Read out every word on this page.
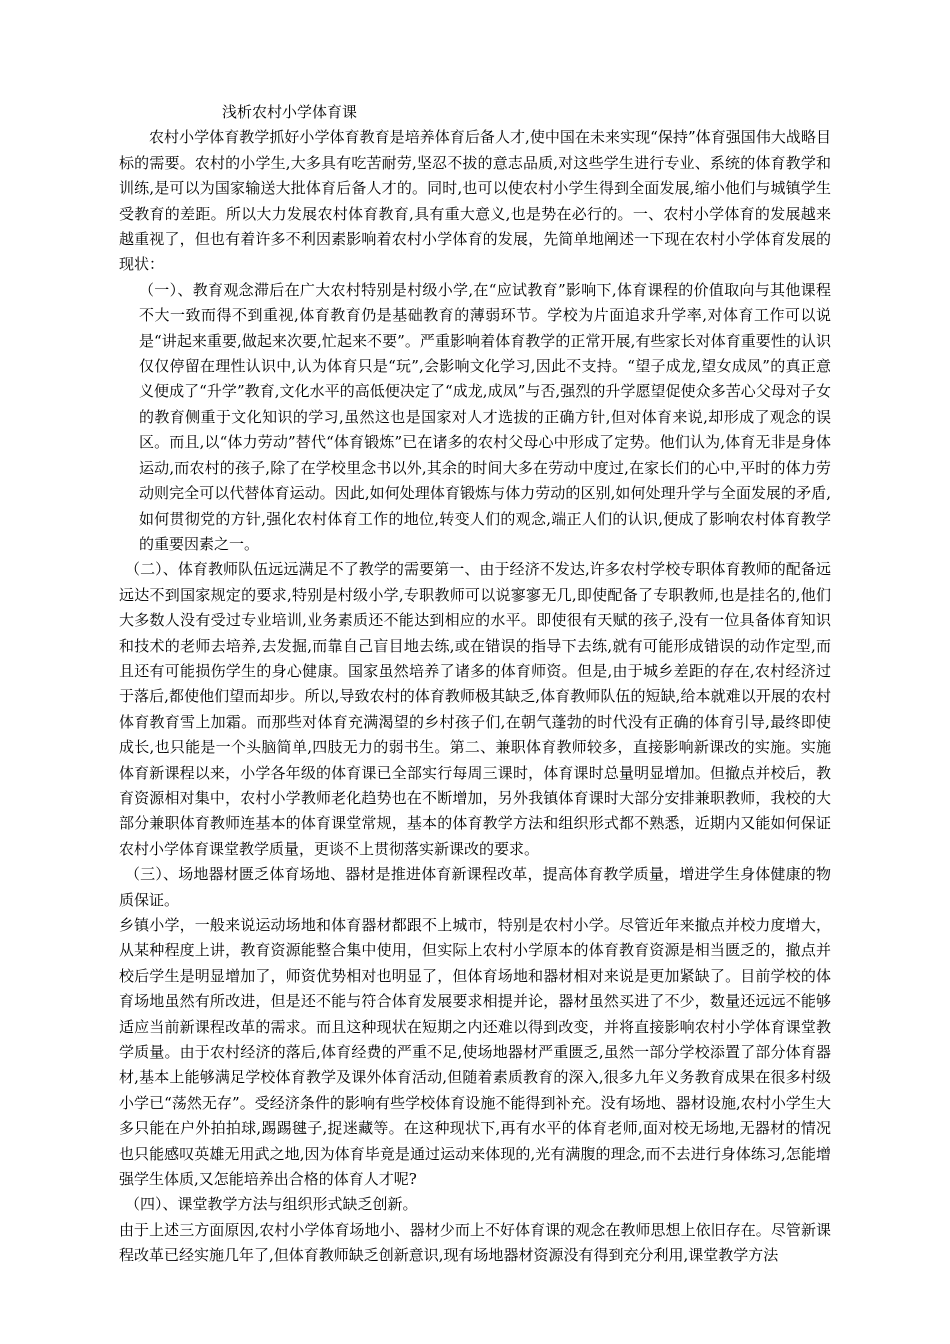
浅析农村小学体育课

农村小学体育教学抓好小学体育教育是培养体育后备人才,使中国在未来实现“保持”体育强国伟大战略目标的需要。农村的小学生,大多具有吃苦耐劳,坚忍不拔的意志品质,对这些学生进行专业、系统的体育教学和训练,是可以为国家输送大批体育后备人才的。同时,也可以使农村小学生得到全面发展,缩小他们与城镇学生受教育的差距。所以大力发展农村体育教育,具有重大意义,也是势在必行的。一、农村小学体育的发展越来越重视了，但也有着许多不利因素影响着农村小学体育的发展，先简单地阐述一下现在农村小学体育发展的现状：

（一）、教育观念滞后在广大农村特别是村级小学,在“应试教育”影响下,体育课程的价值取向与其他课程不大一致而得不到重视,体育教育仍是基础教育的薄弱环节。学校为片面追求升学率,对体育工作可以说是“讲起来重要,做起来次要,忙起来不要”。严重影响着体育教学的正常开展,有些家长对体育重要性的认识仅仅停留在理性认识中,认为体育只是“玩”,会影响文化学习,因此不支持。“望子成龙,望女成凤”的真正意义便成了“升学”教育,文化水平的高低便决定了“成龙,成凤”与否,强烈的升学愿望促使众多苦心父母对子女的教育侧重于文化知识的学习,虽然这也是国家对人才选拔的正确方针,但对体育来说,却形成了观念的误区。而且,以“体力劳动”替代“体育锻炼”已在诸多的农村父母心中形成了定势。他们认为,体育无非是身体运动,而农村的孩子,除了在学校里念书以外,其余的时间大多在劳动中度过,在家长们的心中,平时的体力劳动则完全可以代替体育运动。因此,如何处理体育锻炼与体力劳动的区别,如何处理升学与全面发展的矛盾,如何贯彻党的方针,强化农村体育工作的地位,转变人们的观念,端正人们的认识,便成了影响农村体育教学的重要因素之一。

（二）、体育教师队伍远远满足不了教学的需要第一、由于经济不发达,许多农村学校专职体育教师的配备远远达不到国家规定的要求,特别是村级小学,专职教师可以说寥寥无几,即使配备了专职教师,也是挂名的,他们大多数人没有受过专业培训,业务素质还不能达到相应的水平。即使很有天赋的孩子,没有一位具备体育知识和技术的老师去培养,去发掘,而靠自己盲目地去练,或在错误的指导下去练,就有可能形成错误的动作定型,而且还有可能损伤学生的身心健康。国家虽然培养了诸多的体育师资。但是,由于城乡差距的存在,农村经济过于落后,都使他们望而却步。所以,导致农村的体育教师极其缺乏,体育教师队伍的短缺,给本就难以开展的农村体育教育雪上加霜。而那些对体育充满渴望的乡村孩子们,在朝气蓬勃的时代没有正确的体育引导,最终即使成长,也只能是一个头脑简单,四肢无力的弱书生。第二、兼职体育教师较多，直接影响新课改的实施。实施体育新课程以来，小学各年级的体育课已全部实行每周三课时，体育课时总量明显增加。但撤点并校后，教育资源相对集中，农村小学教师老化趋势也在不断增加，另外我镇体育课时大部分安排兼职教师，我校的大部分兼职体育教师连基本的体育课堂常规，基本的体育教学方法和组织形式都不熟悉，近期内又能如何保证农村小学体育课堂教学质量，更谈不上贯彻落实新课改的要求。

（三）、场地器材匮乏体育场地、器材是推进体育新课程改革，提高体育教学质量，增进学生身体健康的物质保证。

乡镇小学，一般来说运动场地和体育器材都跟不上城市，特别是农村小学。尽管近年来撤点并校力度增大，从某种程度上讲，教育资源能整合集中使用，但实际上农村小学原本的体育教育资源是相当匮乏的，撤点并校后学生是明显增加了，师资优势相对也明显了，但体育场地和器材相对来说是更加紧缺了。目前学校的体育场地虽然有所改进，但是还不能与符合体育发展要求相提并论，器材虽然买进了不少，数量还远远不能够适应当前新课程改革的需求。而且这种现状在短期之内还难以得到改变，并将直接影响农村小学体育课堂教学质量。由于农村经济的落后,体育经费的严重不足,使场地器材严重匮乏,虽然一部分学校添置了部分体育器材,基本上能够满足学校体育教学及课外体育活动,但随着素质教育的深入,很多九年义务教育成果在很多村级小学已“荡然无存”。受经济条件的影响有些学校体育设施不能得到补充。没有场地、器材设施,农村小学生大多只能在户外拍拍球,踢踢毽子,捉迷藏等。在这种现状下,再有水平的体育老师,面对校无场地,无器材的情况也只能感叹英雄无用武之地,因为体育毕竟是通过运动来体现的,光有满腹的理念,而不去进行身体练习,怎能增强学生体质,又怎能培养出合格的体育人才呢?

（四）、课堂教学方法与组织形式缺乏创新。

由于上述三方面原因,农村小学体育场地小、器材少而上不好体育课的观念在教师思想上依旧存在。尽管新课程改革已经实施几年了,但体育教师缺乏创新意识,现有场地器材资源没有得到充分利用,课堂教学方法
